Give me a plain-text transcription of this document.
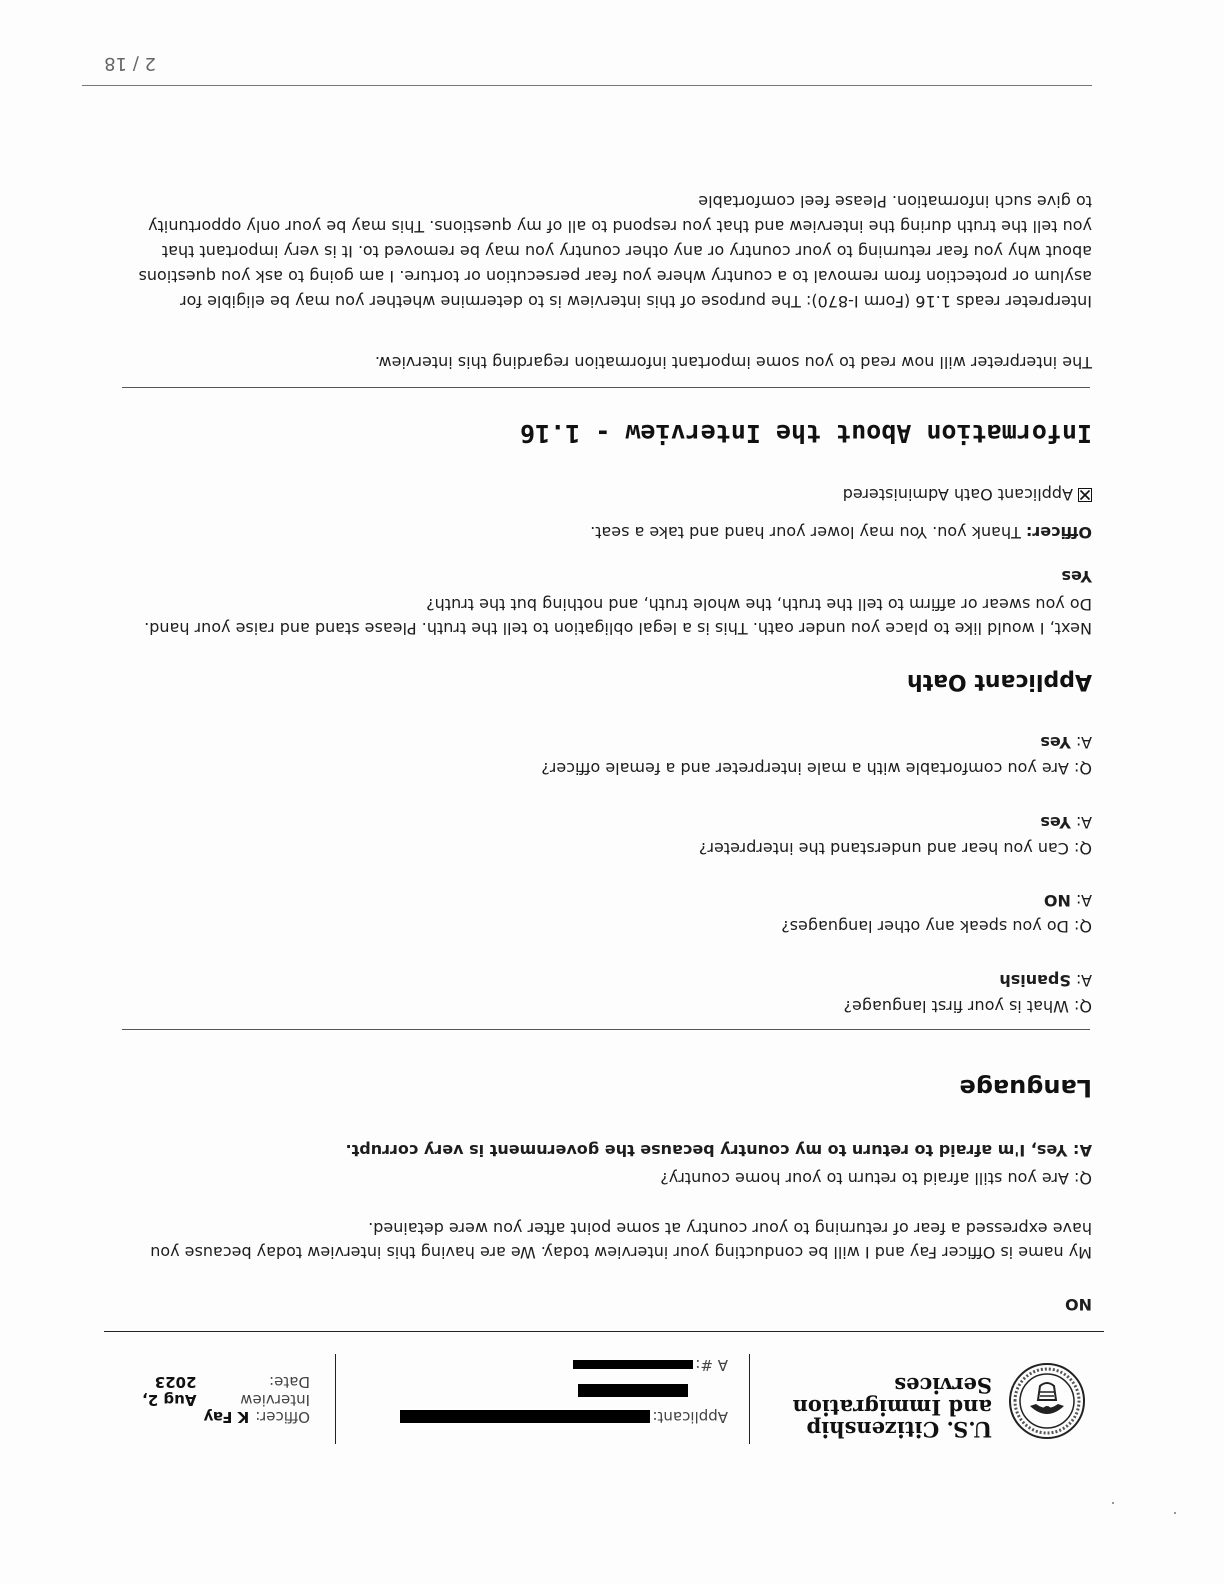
U.S. Citizenship
and Immigration
Services
Applicant:
A #:
Officer:
K Fay
Interview Date:
Aug 2, 2023
NO
My name is Officer Fay and I will be conducting your interview today. We are having this interview today because you have expressed a fear of returning to your country at some point after you were detained.
Q: Are you still afraid to return to your home country?
A: Yes, I'm afraid to return to my country because the government is very corrupt.
Language
Q: What is your first language?
A: Spanish
Q: Do you speak any other languages?
A: NO
Q: Can you hear and understand the interpreter?
A: Yes
Q: Are you comfortable with a male interpreter and a female officer?
A: Yes
Applicant Oath
Next, I would like to place you under oath. This is a legal obligation to tell the truth. Please stand and raise your hand. Do you swear or affirm to tell the truth, the whole truth, and nothing but the truth?
Yes
Officer: Thank you. You may lower your hand and take a seat.
Applicant Oath Administered
Information About the Interview - 1.16
The interpreter will now read to you some important information regarding this interview.
Interpreter reads 1.16 (Form I-870): The purpose of this interview is to determine whether you may be eligible for asylum or protection from removal to a country where you fear persecution or torture. I am going to ask you questions about why you fear returning to your country or any other country you may be removed to. It is very important that you tell the truth during the interview and that you respond to all of my questions. This may be your only opportunity to give such information. Please feel comfortable
2 / 18
